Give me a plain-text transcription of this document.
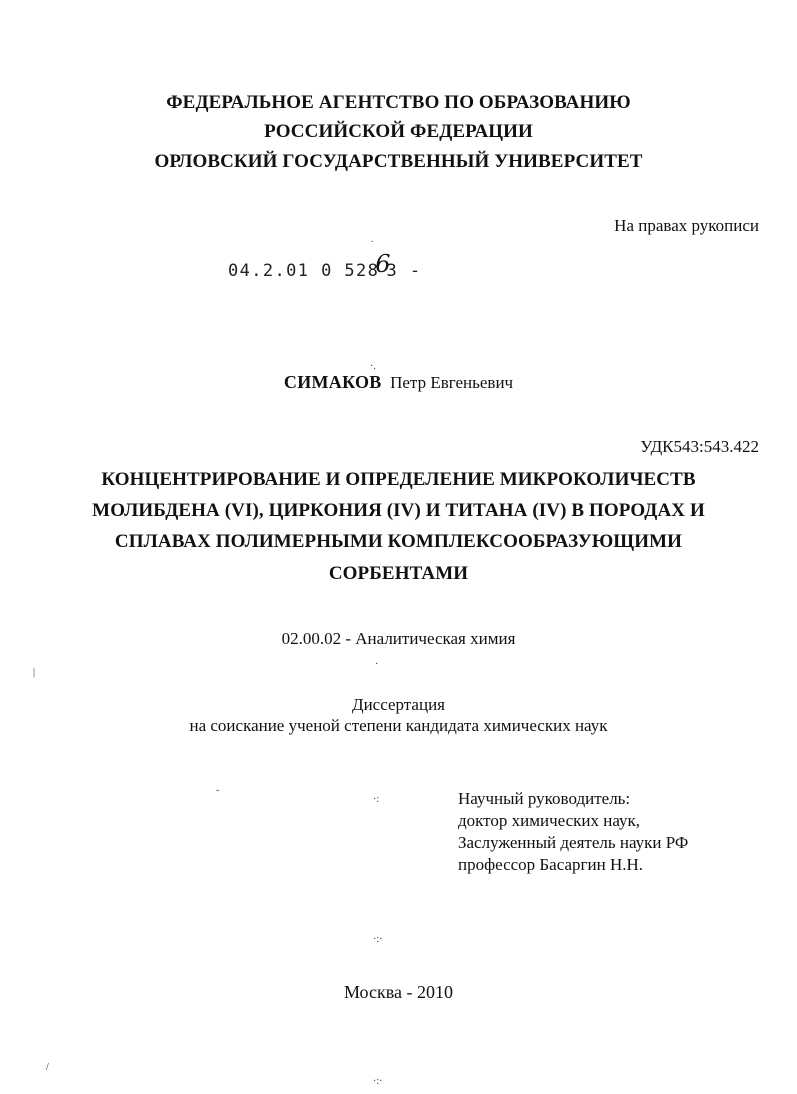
ФЕДЕРАЛЬНОЕ АГЕНТСТВО ПО ОБРАЗОВАНИЮ
РОССИЙСКОЙ ФЕДЕРАЦИИ
ОРЛОВСКИЙ ГОСУДАРСТВЕННЫЙ УНИВЕРСИТЕТ
На правах рукописи
04.2.01 0 52863 -
СИМАКОВ Петр Евгеньевич
УДК543:543.422
КОНЦЕНТРИРОВАНИЕ И ОПРЕДЕЛЕНИЕ МИКРОКОЛИЧЕСТВ
МОЛИБДЕНА (VI), ЦИРКОНИЯ (IV) И ТИТАНА (IV) В ПОРОДАХ И
СПЛАВАХ ПОЛИМЕРНЫМИ КОМПЛЕКСООБРАЗУЮЩИМИ
СОРБЕНТАМИ
02.00.02 - Аналитическая химия
Диссертация
на соискание ученой степени кандидата химических наук
Научный руководитель:
доктор химических наук,
Заслуженный деятель науки РФ
профессор Басаргин Н.Н.
Москва - 2010
.
·.
·
|
˘	·:
·:·
/
·:·
